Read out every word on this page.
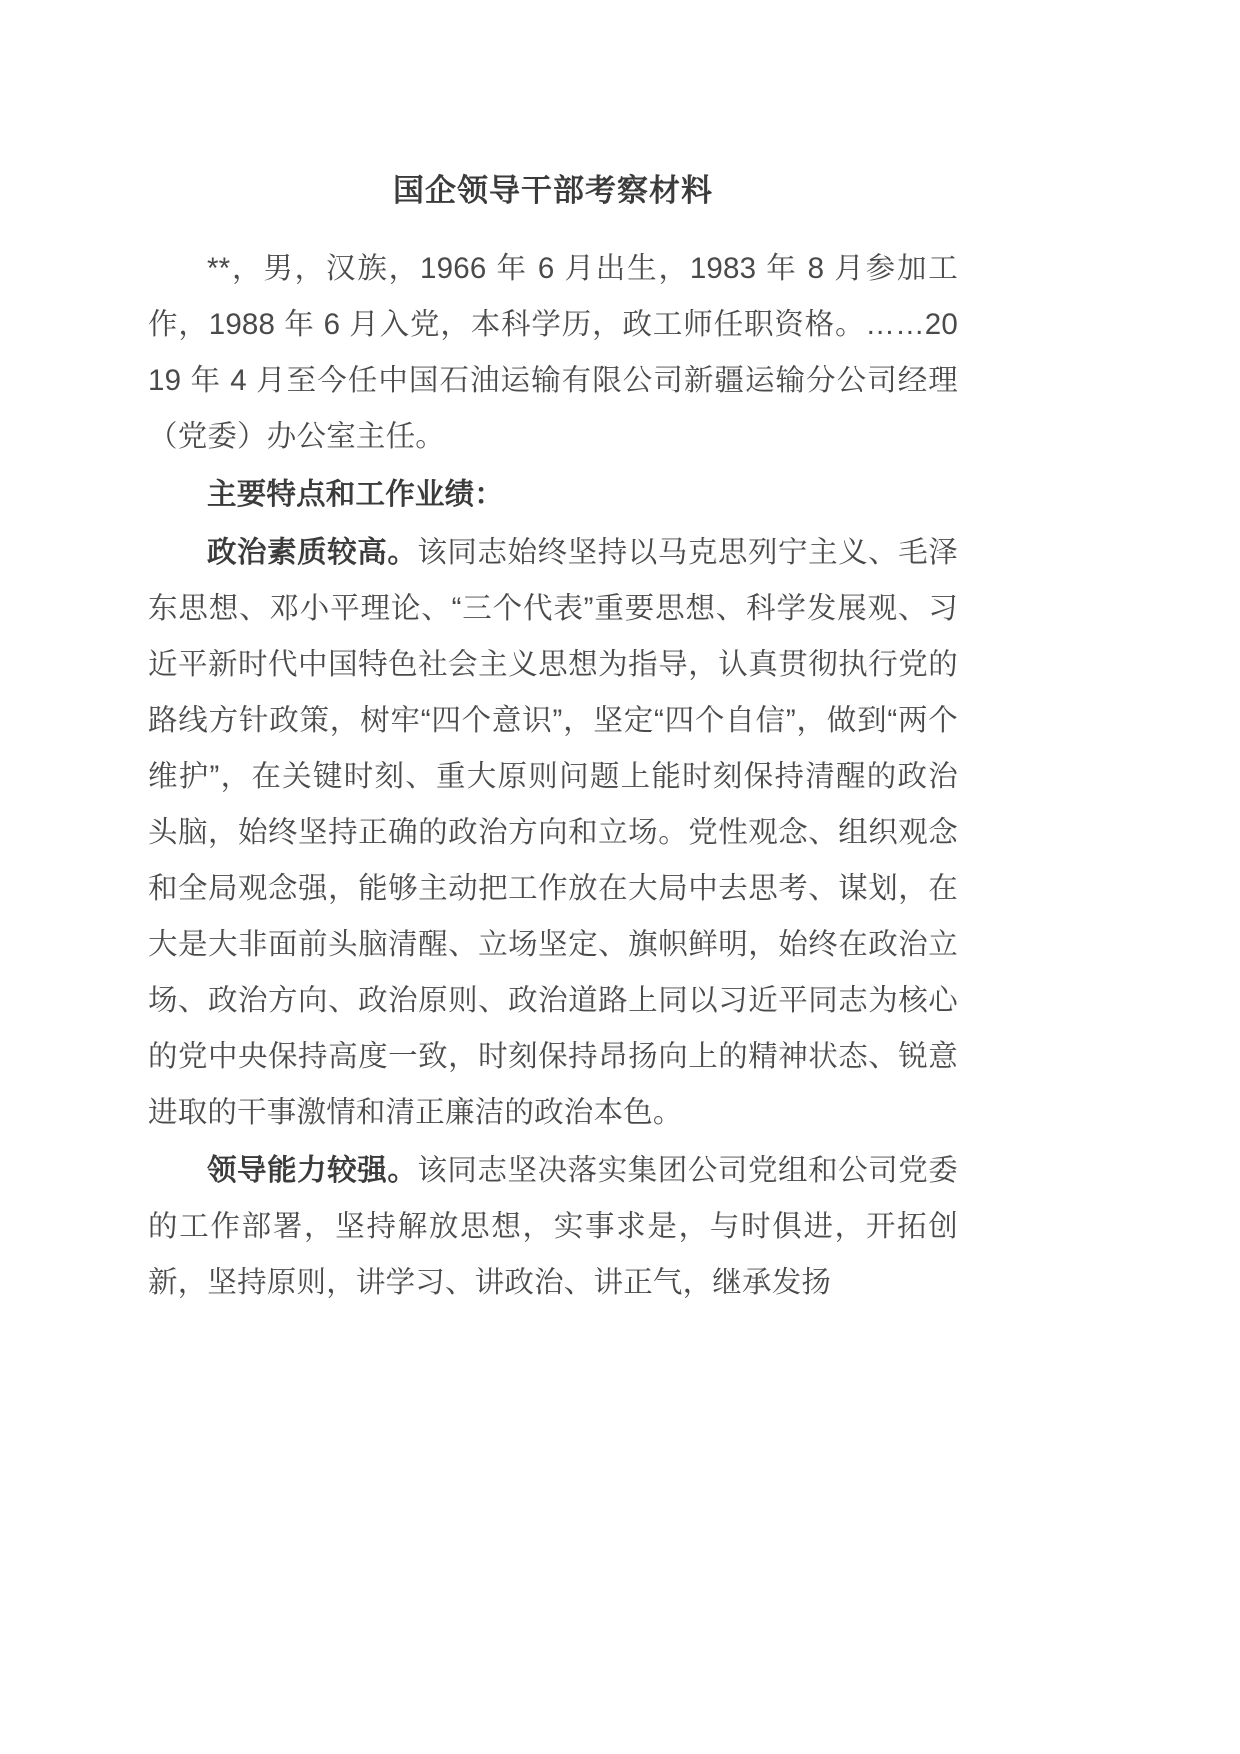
国企领导干部考察材料

**，男，汉族，1966 年 6 月出生，1983 年 8 月参加工作，1988 年 6 月入党，本科学历，政工师任职资格。……2019 年 4 月至今任中国石油运输有限公司新疆运输分公司经理（党委）办公室主任。

主要特点和工作业绩：

政治素质较高。该同志始终坚持以马克思列宁主义、毛泽东思想、邓小平理论、“三个代表”重要思想、科学发展观、习近平新时代中国特色社会主义思想为指导，认真贯彻执行党的路线方针政策，树牢“四个意识”，坚定“四个自信”，做到“两个维护”，在关键时刻、重大原则问题上能时刻保持清醒的政治头脑，始终坚持正确的政治方向和立场。党性观念、组织观念和全局观念强，能够主动把工作放在大局中去思考、谋划，在大是大非面前头脑清醒、立场坚定、旗帜鲜明，始终在政治立场、政治方向、政治原则、政治道路上同以习近平同志为核心的党中央保持高度一致，时刻保持昂扬向上的精神状态、锐意进取的干事激情和清正廉洁的政治本色。

领导能力较强。该同志坚决落实集团公司党组和公司党委的工作部署，坚持解放思想，实事求是，与时俱进，开拓创新，坚持原则，讲学习、讲政治、讲正气，继承发扬
